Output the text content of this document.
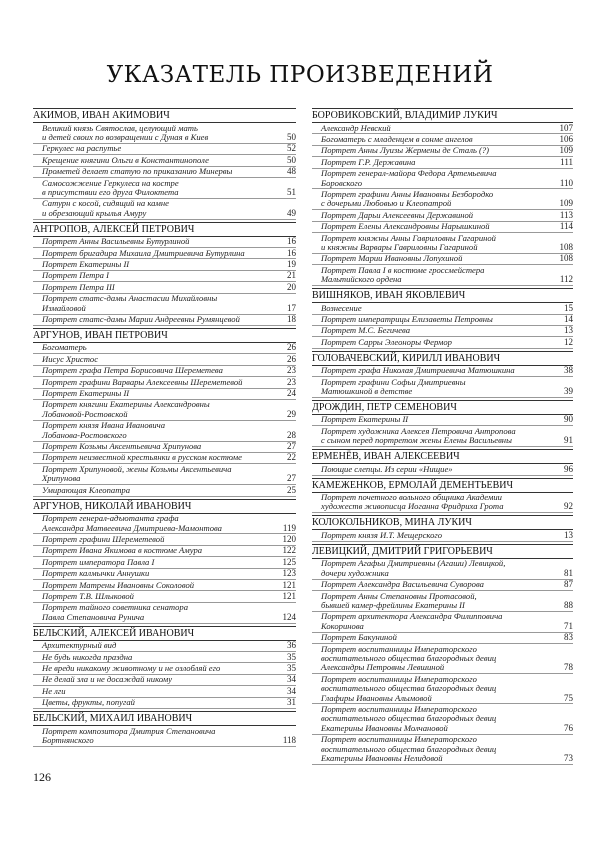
УКАЗАТЕЛЬ ПРОИЗВЕДЕНИЙ
АКИМОВ, ИВАН АКИМОВИЧ
Великий князь Святослав, целующий мать
и детей своих по возвращении с Дуная в Киев	50
Геркулес на распутье	52
Крещение княгини Ольги в Константинополе	50
Прометей делает статую по приказанию Минервы	48
Самосожжение Геркулеса на костре
в присутствии его друга Филоктета	51
Сатурн с косой, сидящий на камне
и обрезающий крылья Амуру	49
АНТРОПОВ, АЛЕКСЕЙ ПЕТРОВИЧ
Портрет Анны Васильевны Бутурлиной	16
Портрет бригадира Михаила Дмитриевича Бутурлина	16
Портрет Екатерины II	19
Портрет Петра I	21
Портрет Петра III	20
Портрет статс-дамы Анастасии Михайловны
Измайловой	17
Портрет статс-дамы Марии Андреевны Румянцевой	18
АРГУНОВ, ИВАН ПЕТРОВИЧ
Богоматерь	26
Иисус Христос	26
Портрет графа Петра Борисовича Шереметева	23
Портрет графини Варвары Алексеевны Шереметевой	23
Портрет Екатерины II	24
Портрет княгини Екатерины Александровны
Лобановой-Ростовской	29
Портрет князя Ивана Ивановича
Лобанова-Ростовского	28
Портрет Козьмы Аксентьевича Хрипунова	27
Портрет неизвестной крестьянки в русском костюме	22
Портрет Хрипуновой, жены Козьмы Аксентьевича
Хрипунова	27
Умирающая Клеопатра	25
АРГУНОВ, НИКОЛАЙ ИВАНОВИЧ
Портрет генерал-адъютанта графа
Александра Матвеевича Дмитриева-Мамонтова	119
Портрет графини Шереметевой	120
Портрет Ивана Якимова в костюме Амура	122
Портрет императора Павла I	125
Портрет калмычки Аннушки	123
Портрет Матрены Ивановны Соколовой	121
Портрет Т.В. Шлыковой	121
Портрет тайного советника сенатора
Павла Степановича Рунича	124
БЕЛЬСКИЙ, АЛЕКСЕЙ ИВАНОВИЧ
Архитектурный вид	36
Не будь никогда праздна	35
Не вреди никакому животному и не озлобляй его	35
Не делай зла и не досаждай никому	34
Не лги	34
Цветы, фрукты, попугай	31
БЕЛЬСКИЙ, МИХАИЛ ИВАНОВИЧ
Портрет композитора Дмитрия Степановича
Бортнянского	118
БОРОВИКОВСКИЙ, ВЛАДИМИР ЛУКИЧ
Александр Невский	107
Богоматерь с младенцем в сонме ангелов	106
Портрет Анны Луизы Жермены де Сталь (?)	109
Портрет Г.Р. Державина	111
Портрет генерал-майора Федора Артемьевича
Боровского	110
Портрет графини Анны Ивановны Безбородко
с дочерьми Любовью и Клеопатрой	109
Портрет Дарьи Алексеевны Державиной	113
Портрет Елены Александровны Нарышкиной	114
Портрет княжны Анны Гавриловны Гагариной
и княжны Варвары Гавриловны Гагариной	108
Портрет Марии Ивановны Лопухиной	108
Портрет Павла I в костюме гроссмейстера
Мальтийского ордена	112
ВИШНЯКОВ, ИВАН ЯКОВЛЕВИЧ
Вознесение	15
Портрет императрицы Елизаветы Петровны	14
Портрет М.С. Бегичева	13
Портрет Сарры Элеоноры Фермор	12
ГОЛОВАЧЕВСКИЙ, КИРИЛЛ ИВАНОВИЧ
Портрет графа Николая Дмитриевича Матюшкина	38
Портрет графини Софьи Дмитриевны
Матюшкиной в детстве	39
ДРОЖДИН, ПЕТР СЕМЕНОВИЧ
Портрет Екатерины II	90
Портрет художника Алексея Петровича Антропова
с сыном перед портретом жены Елены Васильевны	91
ЕРМЕНЁВ, ИВАН АЛЕКСЕЕВИЧ
Поющие слепцы. Из серии «Нищие»	96
КАМЕЖЕНКОВ, ЕРМОЛАЙ ДЕМЕНТЬЕВИЧ
Портрет почетного вольного общника Академии
художеств живописца Иоганна Фридриха Грота	92
КОЛОКОЛЬНИКОВ, МИНА ЛУКИЧ
Портрет князя И.Т. Мещерского	13
ЛЕВИЦКИЙ, ДМИТРИЙ ГРИГОРЬЕВИЧ
Портрет Агафьи Дмитриевны (Агаши) Левицкой,
дочери художника	81
Портрет Александра Васильевича Суворова	87
Портрет Анны Степановны Протасовой,
бывшей камер-фрейлины Екатерины II	88
Портрет архитектора Александра Филипповича
Кокоринова	71
Портрет Бакуниной	83
Портрет воспитанницы Императорского
воспитательного общества благородных девиц
Александры Петровны Левшиной	78
Портрет воспитанницы Императорского
воспитательного общества благородных девиц
Глафиры Ивановны Алымовой	75
Портрет воспитанницы Императорского
воспитательного общества благородных девиц
Екатерины Ивановны Молчановой	76
Портрет воспитанницы Императорского
воспитательного общества благородных девиц
Екатерины Ивановны Нелидовой	73
126
